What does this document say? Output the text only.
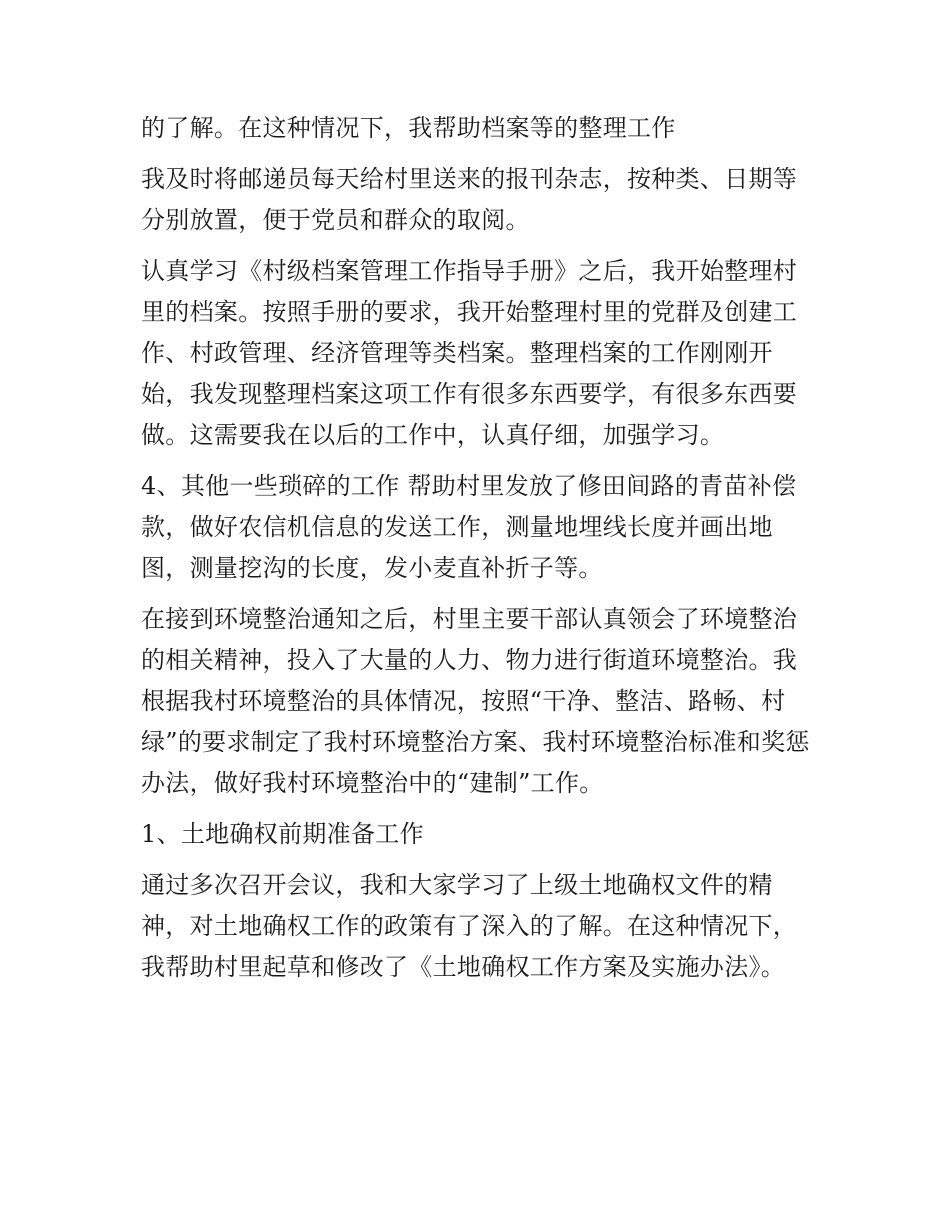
的了解。在这种情况下，我帮助档案等的整理工作

我及时将邮递员每天给村里送来的报刊杂志，按种类、日期等分别放置，便于党员和群众的取阅。

认真学习《村级档案管理工作指导手册》之后，我开始整理村里的档案。按照手册的要求，我开始整理村里的党群及创建工作、村政管理、经济管理等类档案。整理档案的工作刚刚开始，我发现整理档案这项工作有很多东西要学，有很多东西要做。这需要我在以后的工作中，认真仔细，加强学习。

4、其他一些琐碎的工作 帮助村里发放了修田间路的青苗补偿款，做好农信机信息的发送工作，测量地埋线长度并画出地图，测量挖沟的长度，发小麦直补折子等。

在接到环境整治通知之后，村里主要干部认真领会了环境整治的相关精神，投入了大量的人力、物力进行街道环境整治。我根据我村环境整治的具体情况，按照“干净、整洁、路畅、村绿”的要求制定了我村环境整治方案、我村环境整治标准和奖惩办法，做好我村环境整治中的“建制”工作。

1、土地确权前期准备工作

通过多次召开会议，我和大家学习了上级土地确权文件的精神，对土地确权工作的政策有了深入的了解。在这种情况下，我帮助村里起草和修改了《土地确权工作方案及实施办法》。
